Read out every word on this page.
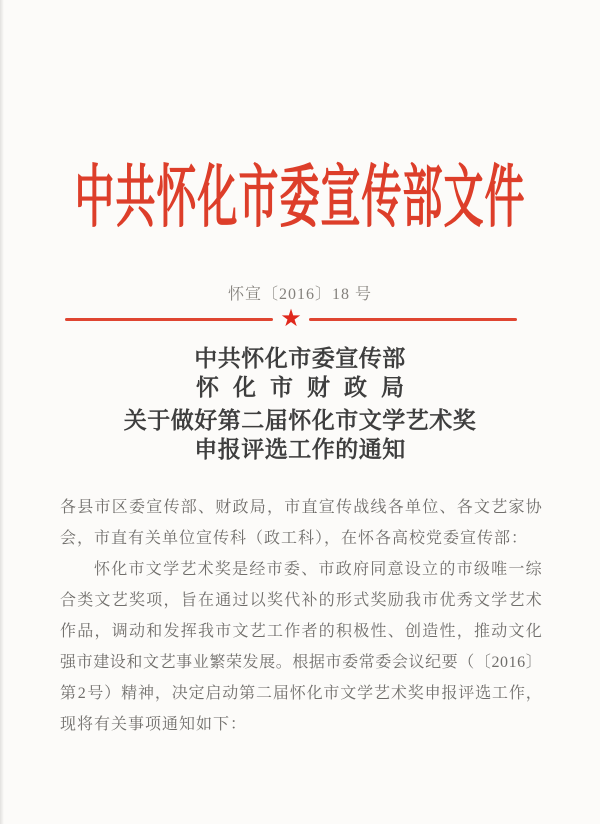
中共怀化市委宣传部文件
怀宣〔2016〕18 号
★
中共怀化市委宣传部
怀化市财政局
关于做好第二届怀化市文学艺术奖
申报评选工作的通知
各 县 市 区 委 宣 传 部 、 财 政 局 ， 市 直 宣 传 战 线 各 单 位 、 各 文 艺 家 协
会，市直有关单位宣传科（政工科），在怀各高校党委宣传部：
怀 化 市 文 学 艺 术 奖 是 经 市 委 、 市 政 府 同 意 设 立 的 市 级 唯 一 综
合 类 文 艺 奖 项 ， 旨 在 通 过 以 奖 代 补 的 形 式 奖 励 我 市 优 秀 文 学 艺 术
作 品 ， 调 动 和 发 挥 我 市 文 艺 工 作 者 的 积 极 性 、 创 造 性 ， 推 动 文 化
强 市 建 设 和 文 艺 事 业 繁 荣 发 展 。 根 据 市 委 常 委 会 议 纪 要 （ 〔 2 0 1 6 〕
第 2 号 ） 精 神 ， 决 定 启 动 第 二 届 怀 化 市 文 学 艺 术 奖 申 报 评 选 工 作 ，
现将有关事项通知如下：
